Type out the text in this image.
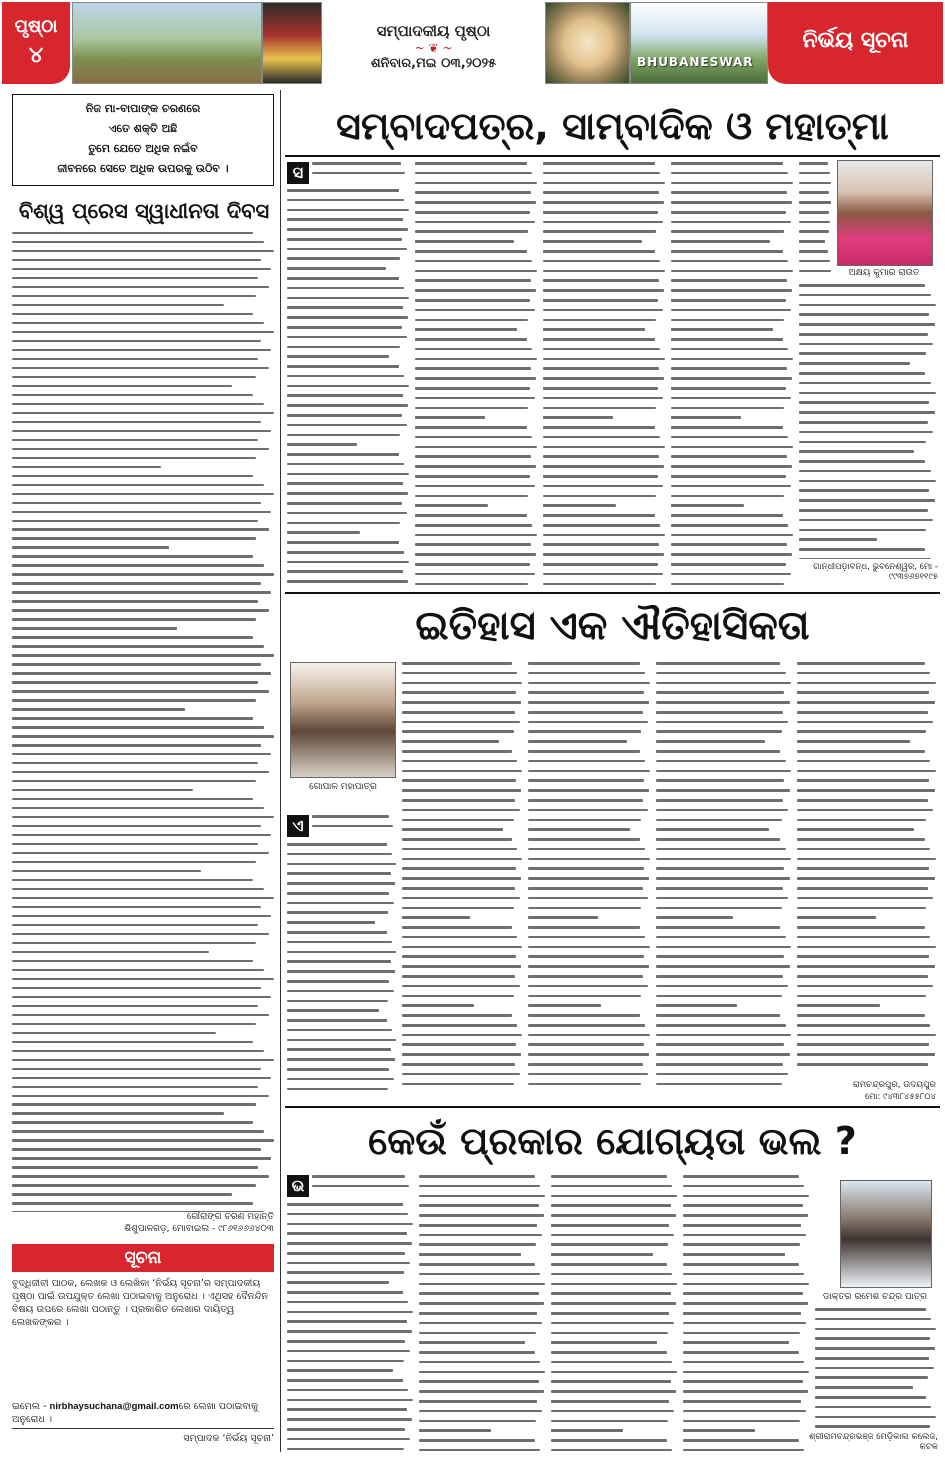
ପୃଷ୍ଠା
୪
ସମ୍ପାଦକୀୟ ପୃଷ୍ଠା
~ ❦ ~
ଶନିବାର,ମଇ ୦୩,୨୦୨୫	BHUBANESWAR
ନିର୍ଭୟ ସୂଚନା
ନିଜ ମା-ବାପାଙ୍କ ଚରଣରେ
ଏତେ ଶକ୍ତି ଅଛି
ତୁମେ ଯେତେ ଅଧିକ ନଇଁବ
ଜୀବନରେ ସେତେ ଅଧିକ ଉପରକୁ ଉଠିବ ।
ବିଶ୍ୱ ପ୍ରେସ ସ୍ୱାଧୀନତା ଦିବସ
ଗୌରାଙ୍ଗ ଚରଣ ମହାନ୍ତି
ଶିଶୁପାଳଗଡ଼, ମୋବାଇଲ - ୯୮୬୧୬୬୬୪୦୩
ସୂଚନା
ବୁଦ୍ଧିଜୀବୀ ପାଠକ, ଲେଖକ ଓ ଲେଖିକା ‘ନିର୍ଭୟ ସୂଚନା’ର ସମ୍ପାଦକୀୟ ପୃଷ୍ଠା ପାଇଁ ଉପଯୁକ୍ତ ଲେଖା ପଠାଇବାକୁ ଅନୁରୋଧ । ଏଥିସହ ଦୈନନ୍ଦିନ ବିଷୟ ଉପରେ ଲେଖା ପଠାନ୍ତୁ । ପ୍ରକାଶିତ ଲେଖାର ଦାୟିତ୍ୱ ଲେଖକଙ୍କର ।
ଇମେଲ - nirbhaysuchana@gmail.comରେ ଲେଖା ପଠାଇବାକୁ ଅନୁରୋଧ ।
ସମ୍ପାଦକ ‘ନିର୍ଭୟ ସୂଚନା’
ସମ୍ବାଦପତ୍ର, ସାମ୍ବାଦିକ ଓ ମହାତ୍ମା
ସ
ଅକ୍ଷୟ କୁମାର ରାଉତ
ଗାନ୍ଧୀପଡ଼ାବନ୍ଧ, ଭୁବନେଶ୍ୱର, ମୋ - ୯୯୩୭୬୭୧୧୯୫
ଇତିହାସ ଏକ ଐତିହାସିକତା
ଗୋପାଳ ମହାପାତ୍ର
ଏ
ରାମଚନ୍ଦ୍ରପୁର, ଉଦୟପୁର
ମୋ: ୯୪୩୮୪୫୫୮୦୪
କେଉଁ ପ୍ରକାର ଯୋଗ୍ୟତା ଭଲ ?
ଭ
ଡାକ୍ତର ରମେଶ ଚନ୍ଦ୍ର ପାତ୍ର
ଶ୍ରୀରାମଚନ୍ଦ୍ରଭଞ୍ଜ ମେଡ଼ିକାଲ କଲେଜ, କଟକ
